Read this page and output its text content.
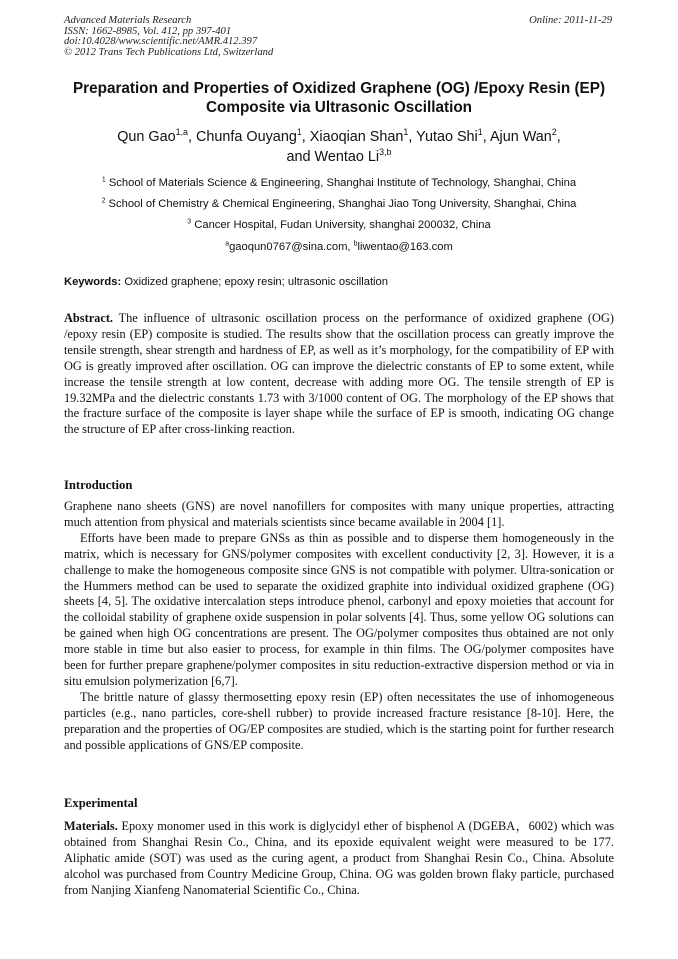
Advanced Materials Research
ISSN: 1662-8985, Vol. 412, pp 397-401
doi:10.4028/www.scientific.net/AMR.412.397
© 2012 Trans Tech Publications Ltd, Switzerland
Online: 2011-11-29
Preparation and Properties of Oxidized Graphene (OG) /Epoxy Resin (EP) Composite via Ultrasonic Oscillation
Qun Gao$^{1,a}$, Chunfa Ouyang$^1$, Xiaoqian Shan$^1$, Yutao Shi$^1$, Ajun Wan$^2$,
and Wentao Li$^{3,b}$
$^1$ School of Materials Science & Engineering, Shanghai Institute of Technology, Shanghai, China
$^2$ School of Chemistry & Chemical Engineering, Shanghai Jiao Tong University, Shanghai, China
$^3$ Cancer Hospital, Fudan University, shanghai 200032, China
$^a$gaoqun0767@sina.com, $^b$liwentao@163.com
Keywords: Oxidized graphene; epoxy resin; ultrasonic oscillation

Abstract. The influence of ultrasonic oscillation process on the performance of oxidized graphene (OG) /epoxy resin (EP) composite is studied. The results show that the oscillation process can greatly improve the tensile strength, shear strength and hardness of EP, as well as it’s morphology, for the compatibility of EP with OG is greatly improved after oscillation. OG can improve the dielectric constants of EP to some extent, while increase the tensile strength at low content, decrease with adding more OG. The tensile strength of EP is 19.32MPa and the dielectric constants 1.73 with 3/1000 content of OG. The morphology of the EP shows that the fracture surface of the composite is layer shape while the surface of EP is smooth, indicating OG change the structure of EP after cross-linking reaction.

Introduction

Graphene nano sheets (GNS) are novel nanofillers for composites with many unique properties, attracting much attention from physical and materials scientists since became available in 2004 [1].

Efforts have been made to prepare GNSs as thin as possible and to disperse them homogeneously in the matrix, which is necessary for GNS/polymer composites with excellent conductivity [2, 3]. However, it is a challenge to make the homogeneous composite since GNS is not compatible with polymer. Ultra-sonication or the Hummers method can be used to separate the oxidized graphite into individual oxidized graphene (OG) sheets [4, 5]. The oxidative intercalation steps introduce phenol, carbonyl and epoxy moieties that account for the colloidal stability of graphene oxide suspension in polar solvents [4]. Thus, some yellow OG solutions can be gained when high OG concentrations are present. The OG/polymer composites thus obtained are not only more stable in time but also easier to process, for example in thin films. The OG/polymer composites have been for further prepare graphene/polymer composites in situ reduction-extractive dispersion method or via in situ emulsion polymerization [6,7].

The brittle nature of glassy thermosetting epoxy resin (EP) often necessitates the use of inhomogeneous particles (e.g., nano particles, core-shell rubber) to provide increased fracture resistance [8-10]. Here, the preparation and the properties of OG/EP composites are studied, which is the starting point for further research and possible applications of GNS/EP composite.

Experimental

Materials. Epoxy monomer used in this work is diglycidyl ether of bisphenol A (DGEBA，6002) which was obtained from Shanghai Resin Co., China, and its epoxide equivalent weight were measured to be 177. Aliphatic amide (SOT) was used as the curing agent, a product from Shanghai Resin Co., China. Absolute alcohol was purchased from Country Medicine Group, China. OG was golden brown flaky particle, purchased from Nanjing Xianfeng Nanomaterial Scientific Co., China.
